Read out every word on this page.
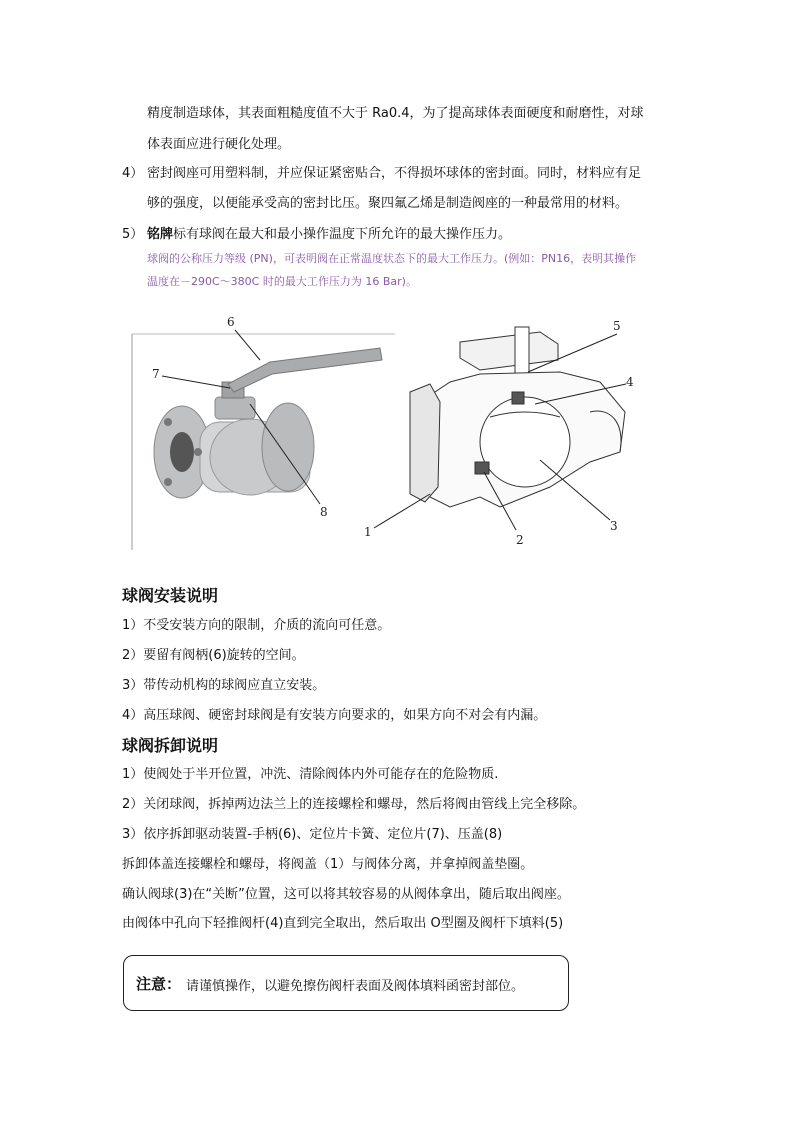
精度制造球体，其表面粗糙度值不大于 Ra0.4，为了提高球体表面硬度和耐磨性，对球
体表面应进行硬化处理。
4） 密封阀座可用塑料制，并应保证紧密贴合，不得损坏球体的密封面。同时，材料应有足
够的强度，以便能承受高的密封比压。聚四氟乙烯是制造阀座的一种最常用的材料。
5） 铭牌标有球阀在最大和最小操作温度下所允许的最大操作压力。
球阀的公称压力等级 (PN)，可表明阀在正常温度状态下的最大工作压力。(例如：PN16，表明其操作
温度在－290C～380C 时的最大工作压力为 16 Bar)。
6
7
8
5
4
3
2
1
球阀安装说明
1）不受安装方向的限制，介质的流向可任意。
2）要留有阀柄(6)旋转的空间。
3）带传动机构的球阀应直立安装。
4）高压球阀、硬密封球阀是有安装方向要求的，如果方向不对会有内漏。
球阀拆卸说明
1）使阀处于半开位置，冲洗、清除阀体内外可能存在的危险物质.
2）关闭球阀，拆掉两边法兰上的连接螺栓和螺母，然后将阀由管线上完全移除。
3）依序拆卸驱动装置-手柄(6)、定位片卡簧、定位片(7)、压盖(8)
拆卸体盖连接螺栓和螺母，将阀盖（1）与阀体分离，并拿掉阀盖垫圈。
确认阀球(3)在“关断”位置，这可以将其较容易的从阀体拿出，随后取出阀座。
由阀体中孔向下轻推阀杆(4)直到完全取出，然后取出 O型圈及阀杆下填料(5)
注意： 请谨慎操作，以避免擦伤阀杆表面及阀体填料函密封部位。
